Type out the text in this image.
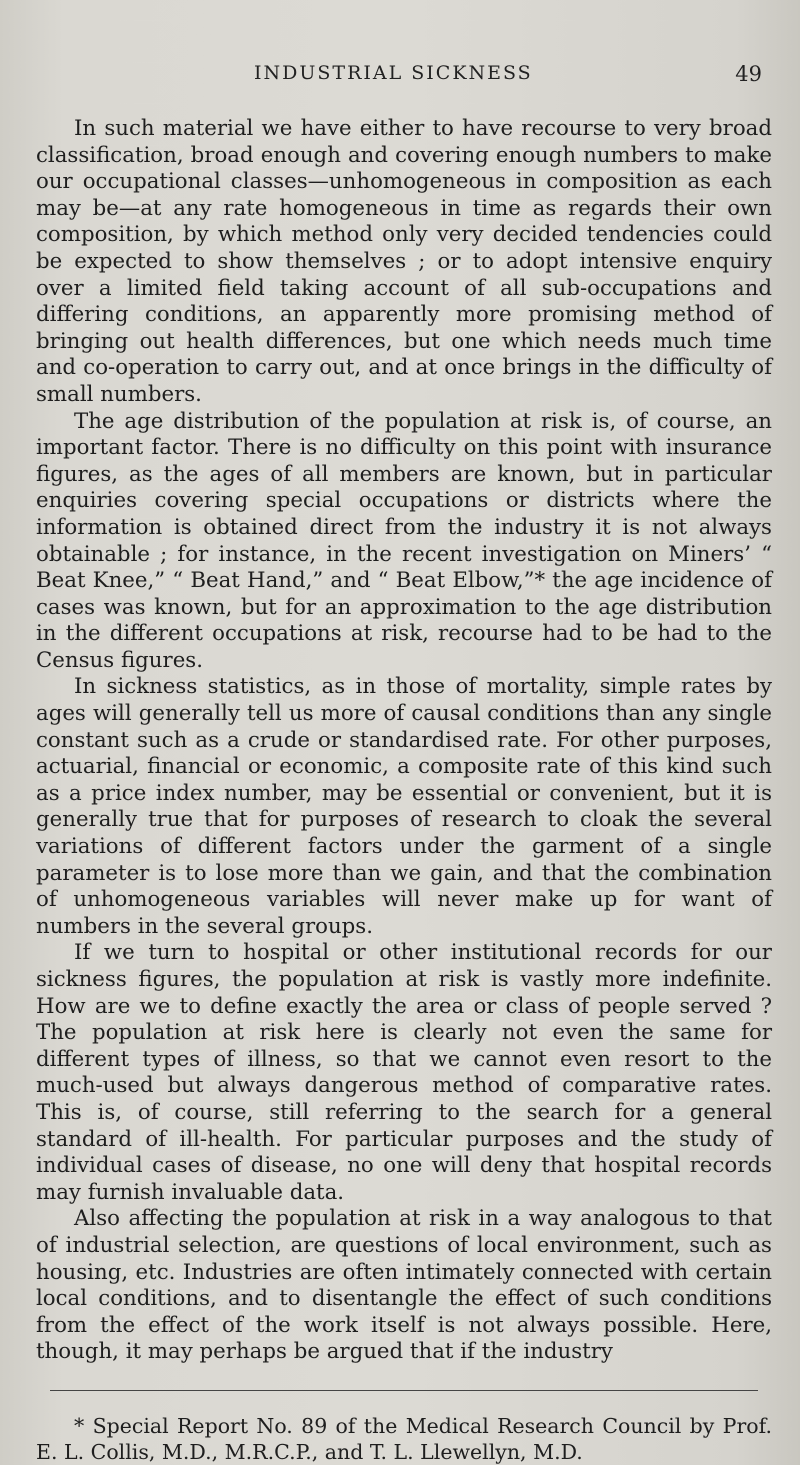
INDUSTRIAL SICKNESS	49

In such material we have either to have recourse to very broad classification, broad enough and covering enough numbers to make our occupational classes—unhomogeneous in composition as each may be—at any rate homogeneous in time as regards their own composition, by which method only very decided tendencies could be expected to show themselves ; or to adopt intensive enquiry over a limited field taking account of all sub-occupations and differing conditions, an apparently more promising method of bringing out health differences, but one which needs much time and co-operation to carry out, and at once brings in the difficulty of small numbers.

The age distribution of the population at risk is, of course, an important factor. There is no difficulty on this point with insurance figures, as the ages of all members are known, but in particular enquiries covering special occupations or districts where the information is obtained direct from the industry it is not always obtainable ; for instance, in the recent investigation on Miners’ “ Beat Knee,” “ Beat Hand,” and “ Beat Elbow,”* the age incidence of cases was known, but for an approximation to the age distribution in the different occupations at risk, recourse had to be had to the Census figures.

In sickness statistics, as in those of mortality, simple rates by ages will generally tell us more of causal conditions than any single constant such as a crude or standardised rate. For other purposes, actuarial, financial or economic, a composite rate of this kind such as a price index number, may be essential or convenient, but it is generally true that for purposes of research to cloak the several variations of different factors under the garment of a single parameter is to lose more than we gain, and that the combination of unhomogeneous variables will never make up for want of numbers in the several groups.

If we turn to hospital or other institutional records for our sickness figures, the population at risk is vastly more indefinite. How are we to define exactly the area or class of people served ? The population at risk here is clearly not even the same for different types of illness, so that we cannot even resort to the much-used but always dangerous method of comparative rates. This is, of course, still referring to the search for a general standard of ill-health. For particular purposes and the study of individual cases of disease, no one will deny that hospital records may furnish invaluable data.

Also affecting the population at risk in a way analogous to that of industrial selection, are questions of local environment, such as housing, etc. Industries are often intimately connected with certain local conditions, and to disentangle the effect of such conditions from the effect of the work itself is not always possible. Here, though, it may perhaps be argued that if the industry

* Special Report No. 89 of the Medical Research Council by Prof. E. L. Collis, M.D., M.R.C.P., and T. L. Llewellyn, M.D.
